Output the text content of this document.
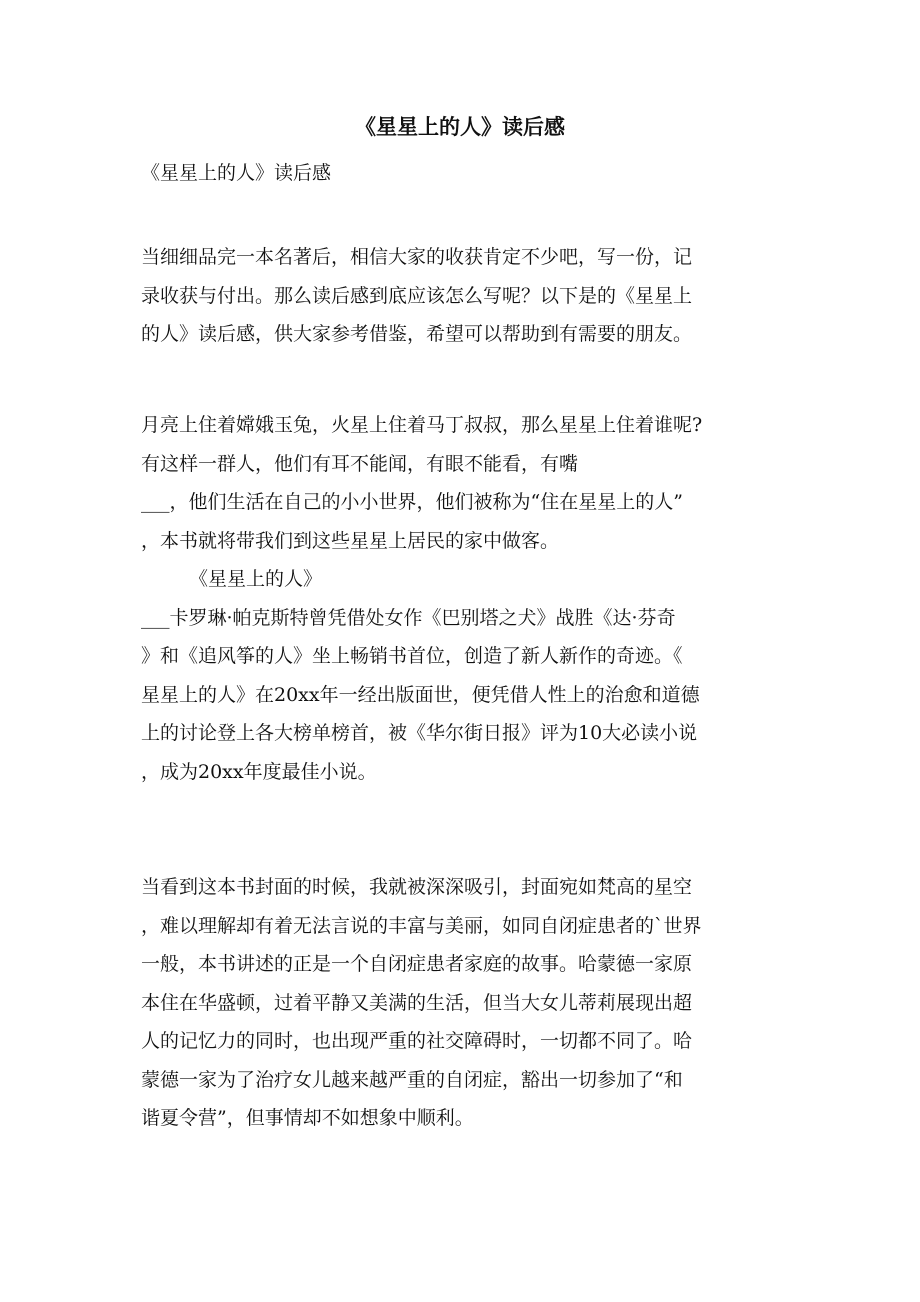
《星星上的人》读后感

《星星上的人》读后感

当细细品完一本名著后，相信大家的收获肯定不少吧，写一份，记
录收获与付出。那么读后感到底应该怎么写呢？以下是的《星星上
的人》读后感，供大家参考借鉴，希望可以帮助到有需要的朋友。

月亮上住着嫦娥玉兔，火星上住着马丁叔叔，那么星星上住着谁呢?
有这样一群人，他们有耳不能闻，有眼不能看，有嘴
___，他们生活在自己的小小世界，他们被称为“住在星星上的人”
，本书就将带我们到这些星星上居民的家中做客。
《星星上的人》
___卡罗琳·帕克斯特曾凭借处女作《巴别塔之犬》战胜《达·芬奇
》和《追风筝的人》坐上畅销书首位，创造了新人新作的奇迹。《
星星上的人》在20xx年一经出版面世，便凭借人性上的治愈和道德
上的讨论登上各大榜单榜首，被《华尔街日报》评为10大必读小说
，成为20xx年度最佳小说。

当看到这本书封面的时候，我就被深深吸引，封面宛如梵高的星空
，难以理解却有着无法言说的丰富与美丽，如同自闭症患者的`世界
一般，本书讲述的正是一个自闭症患者家庭的故事。哈蒙德一家原
本住在华盛顿，过着平静又美满的生活，但当大女儿蒂莉展现出超
人的记忆力的同时，也出现严重的社交障碍时，一切都不同了。哈
蒙德一家为了治疗女儿越来越严重的自闭症，豁出一切参加了“和
谐夏令营”，但事情却不如想象中顺利。
